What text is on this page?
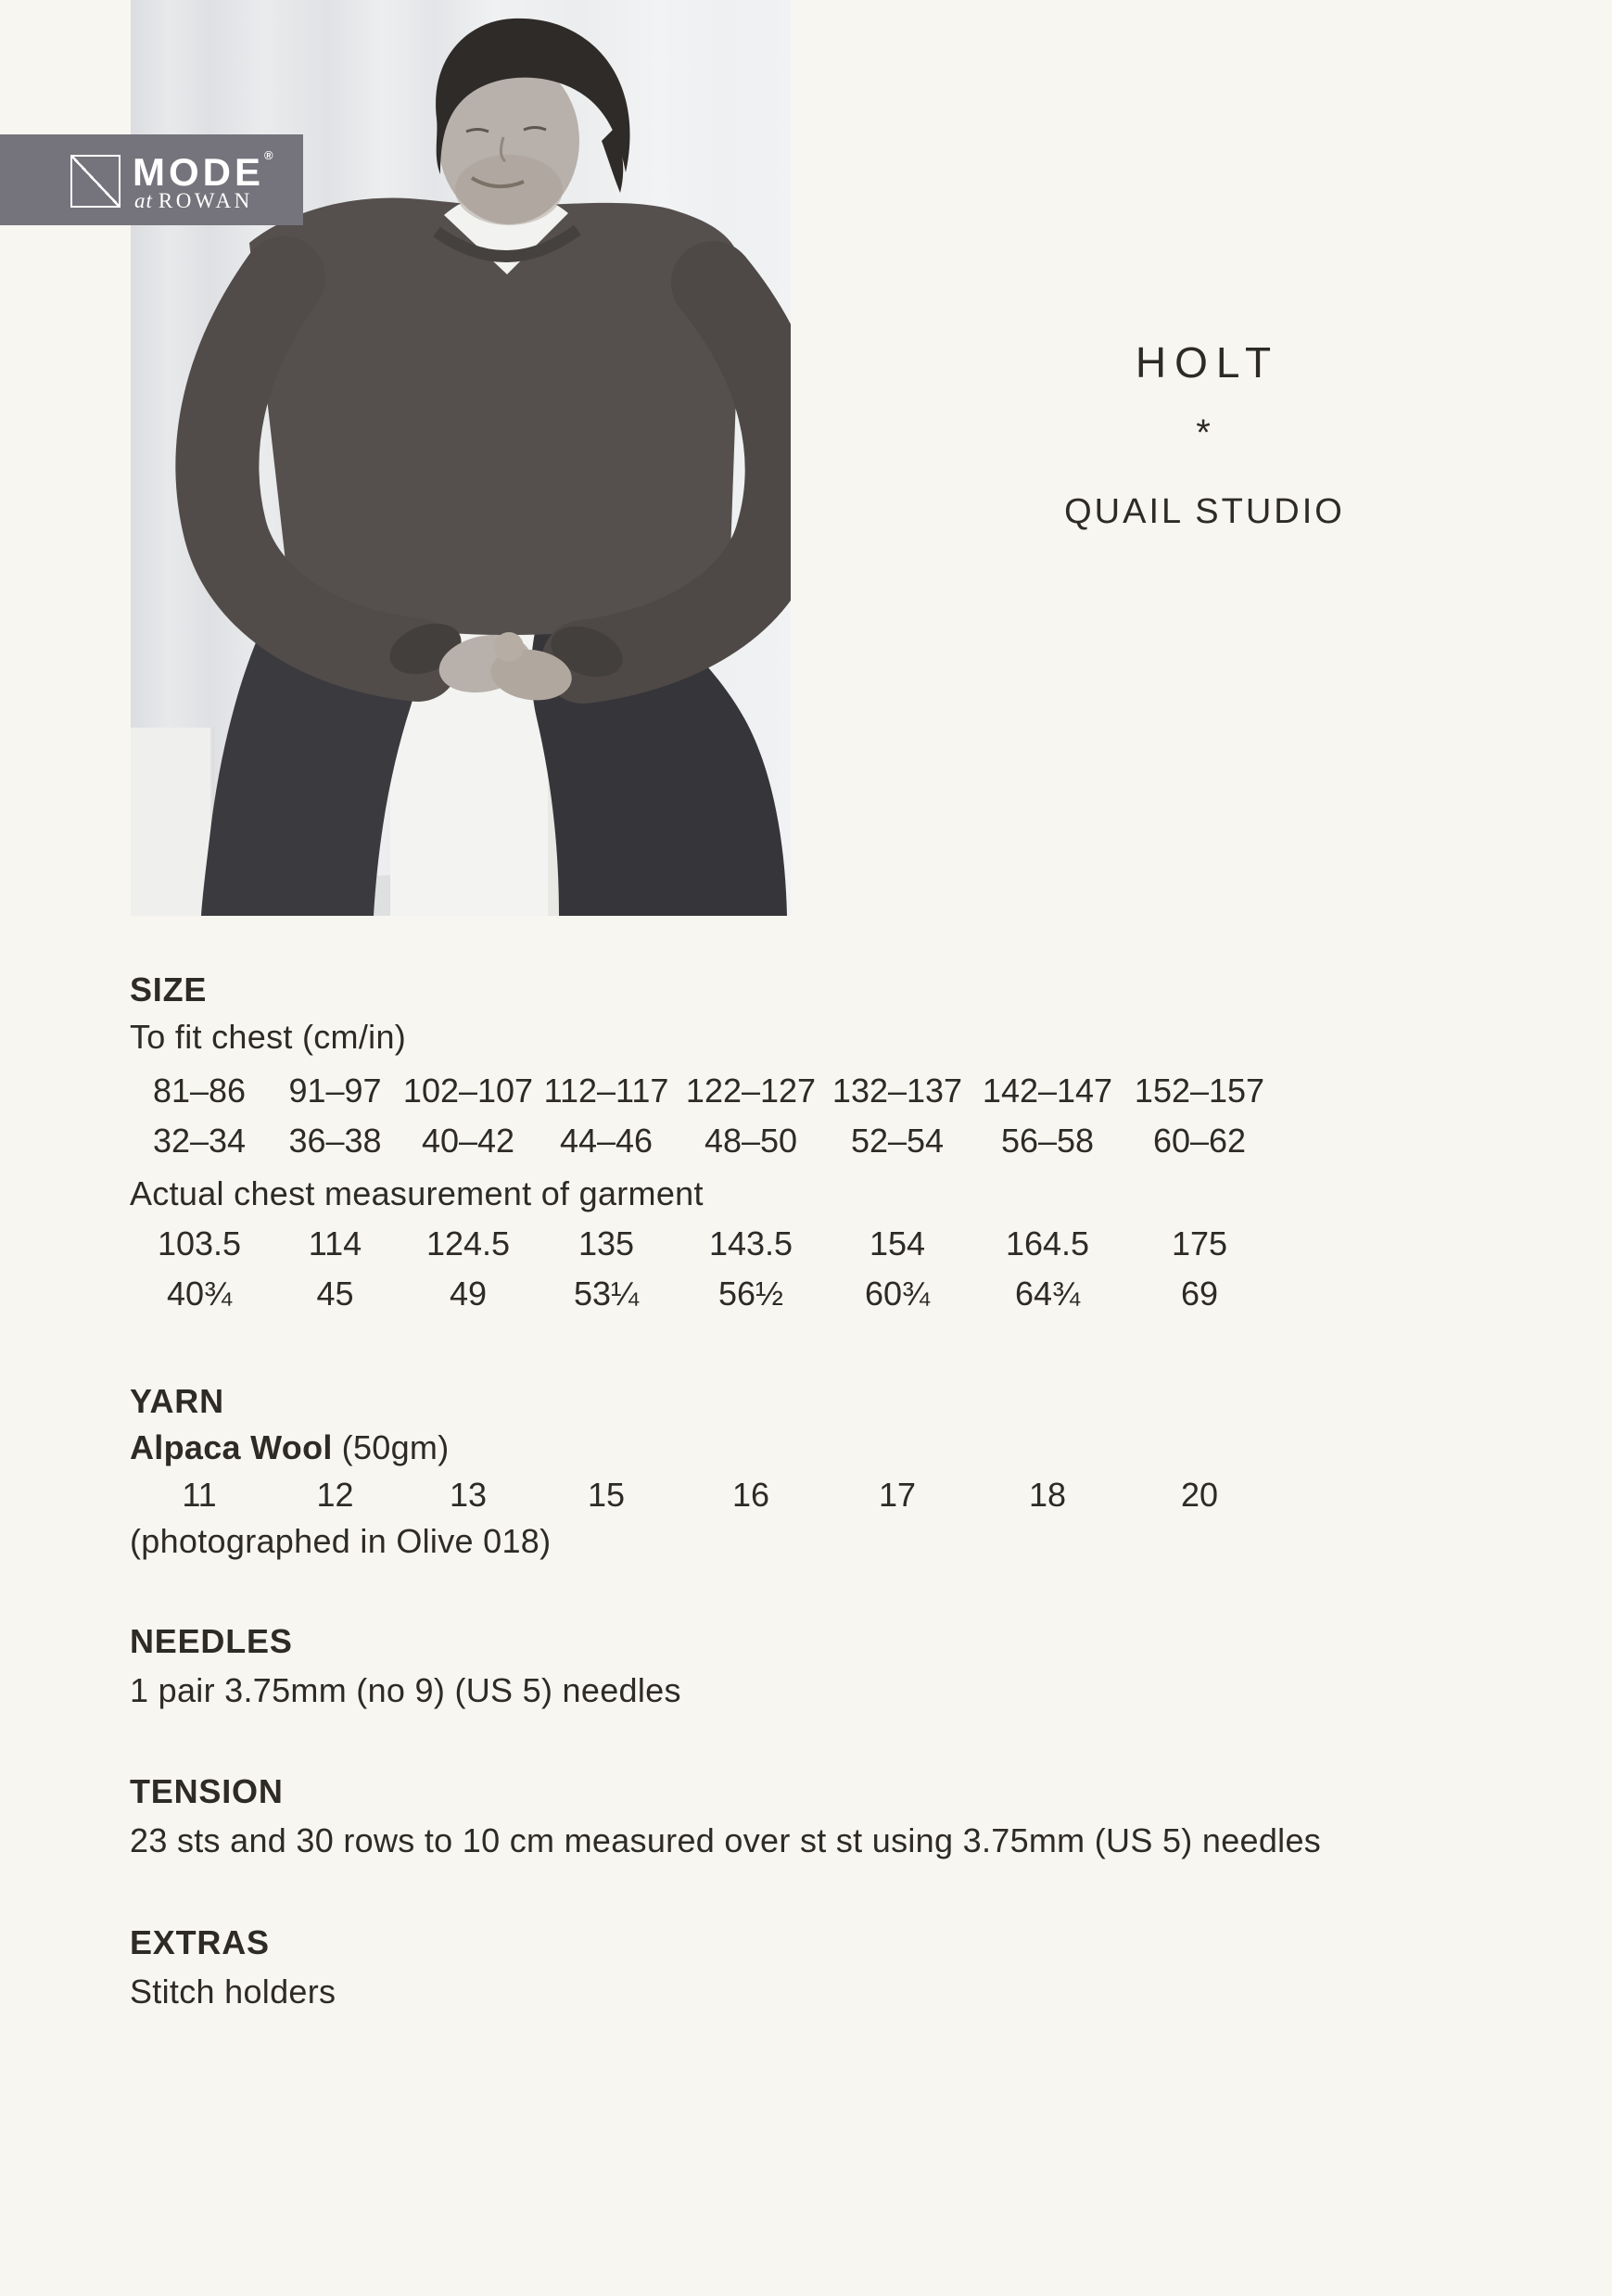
MODE®
at ROWAN
HOLT
*
QUAIL STUDIO
SIZE
To fit chest (cm/in)
81–86	91–97 102–107 112–117 122–127 132–137 142–147 152–157
32–34	36–38	40–42	44–46	48–50	52–54	56–58	60–62
Actual chest measurement of garment
103.5	114	124.5	135	143.5	154	164.5	175
40¾	45	49	53¼	56½	60¾	64¾	69
YARN
Alpaca Wool (50gm)
11	12	13	15	16	17	18	20
(photographed in Olive 018)
NEEDLES
1 pair 3.75mm (no 9) (US 5) needles
TENSION
23 sts and 30 rows to 10 cm measured over st st using 3.75mm (US 5) needles
EXTRAS
Stitch holders
